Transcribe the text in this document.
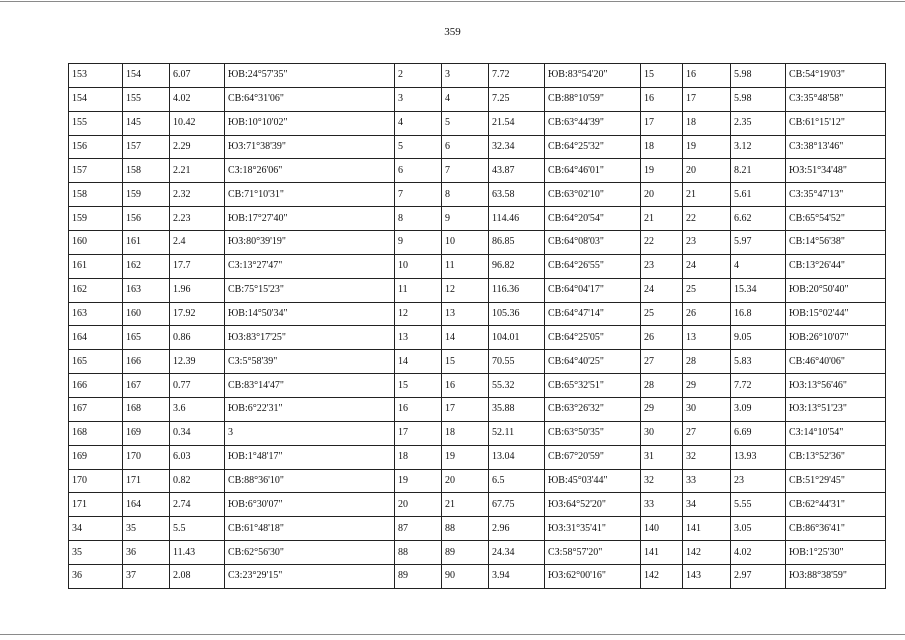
359
153	154	6.07	ЮВ:24°57'35"	2	3	7.72	ЮВ:83°54'20"	15	16	5.98	СВ:54°19'03"
154	155	4.02	СВ:64°31'06"	3	4	7.25	СВ:88°10'59"	16	17	5.98	СЗ:35°48'58"
155	145	10.42	ЮВ:10°10'02"	4	5	21.54	СВ:63°44'39"	17	18	2.35	СВ:61°15'12"
156	157	2.29	ЮЗ:71°38'39"	5	6	32.34	СВ:64°25'32"	18	19	3.12	СЗ:38°13'46"
157	158	2.21	СЗ:18°26'06"	6	7	43.87	СВ:64°46'01"	19	20	8.21	ЮЗ:51°34'48"
158	159	2.32	СВ:71°10'31"	7	8	63.58	СВ:63°02'10"	20	21	5.61	СЗ:35°47'13"
159	156	2.23	ЮВ:17°27'40"	8	9	114.46	СВ:64°20'54"	21	22	6.62	СВ:65°54'52"
160	161	2.4	ЮЗ:80°39'19"	9	10	86.85	СВ:64°08'03"	22	23	5.97	СВ:14°56'38"
161	162	17.7	СЗ:13°27'47"	10	11	96.82	СВ:64°26'55"	23	24	4	СВ:13°26'44"
162	163	1.96	СВ:75°15'23"	11	12	116.36	СВ:64°04'17"	24	25	15.34	ЮВ:20°50'40"
163	160	17.92	ЮВ:14°50'34"	12	13	105.36	СВ:64°47'14"	25	26	16.8	ЮВ:15°02'44"
164	165	0.86	ЮЗ:83°17'25"	13	14	104.01	СВ:64°25'05"	26	13	9.05	ЮВ:26°10'07"
165	166	12.39	СЗ:5°58'39"	14	15	70.55	СВ:64°40'25"	27	28	5.83	СВ:46°40'06"
166	167	0.77	СВ:83°14'47"	15	16	55.32	СВ:65°32'51"	28	29	7.72	ЮЗ:13°56'46"
167	168	3.6	ЮВ:6°22'31"	16	17	35.88	СВ:63°26'32"	29	30	3.09	ЮЗ:13°51'23"
168	169	0.34	3	17	18	52.11	СВ:63°50'35"	30	27	6.69	СЗ:14°10'54"
169	170	6.03	ЮВ:1°48'17"	18	19	13.04	СВ:67°20'59"	31	32	13.93	СВ:13°52'36"
170	171	0.82	СВ:88°36'10"	19	20	6.5	ЮВ:45°03'44"	32	33	23	СВ:51°29'45"
171	164	2.74	ЮВ:6°30'07"	20	21	67.75	ЮЗ:64°52'20"	33	34	5.55	СВ:62°44'31"
34	35	5.5	СВ:61°48'18"	87	88	2.96	ЮЗ:31°35'41"	140	141	3.05	СВ:86°36'41"
35	36	11.43	СВ:62°56'30"	88	89	24.34	СЗ:58°57'20"	141	142	4.02	ЮВ:1°25'30"
36	37	2.08	СЗ:23°29'15"	89	90	3.94	ЮЗ:62°00'16"	142	143	2.97	ЮЗ:88°38'59"
